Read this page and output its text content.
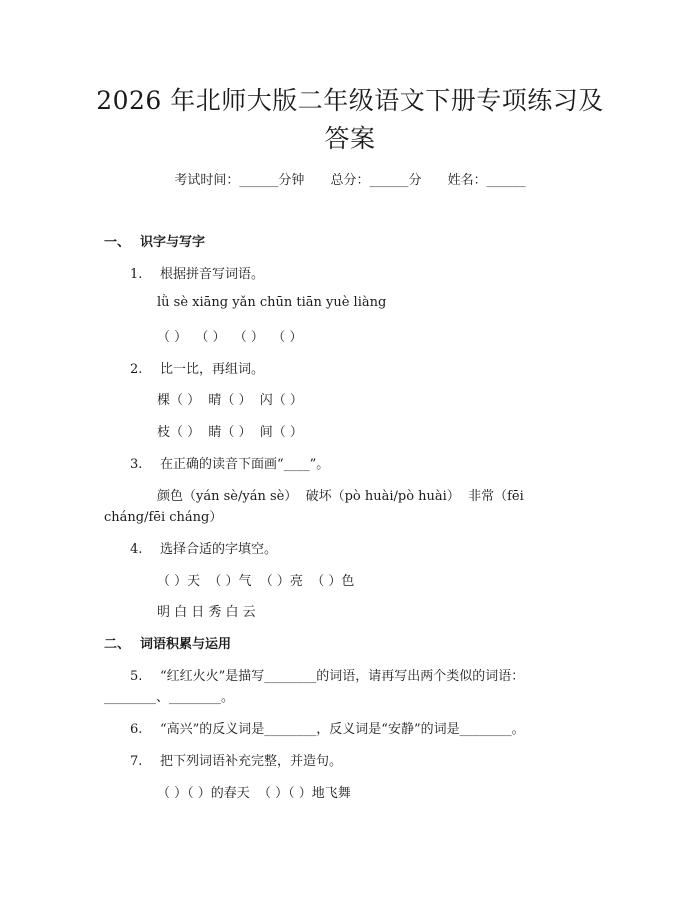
2026 年北师大版二年级语文下册专项练习及
答案
考试时间：______分钟 总分：______分 姓名：______
一、 识字与写字
1. 根据拼音写词语。
lǜ sè xiāng yǎn chūn tiān yuè liàng
（ ）  （ ）  （ ）  （ ）
2. 比一比，再组词。
棵（ ）  晴（ ）  闪（ ）
枝（ ）  睛（ ）  间（ ）
3. 在正确的读音下面画“____”。
颜色（yán sè/yán sè）  破坏（pò huài/pò huài）  非常（fēi
cháng/fēi cháng）
4. 选择合适的字填空。
（ ）天  （ ）气  （ ）亮  （ ）色
明 白 日 秀 白 云
二、 词语积累与运用
5. “红红火火”是描写________的词语，请再写出两个类似的词语：
________、________。
6. “高兴”的反义词是________，反义词是“安静”的词是________。
7. 把下列词语补充完整，并造句。
（ ）（ ）的春天  （ ）（ ）地飞舞
